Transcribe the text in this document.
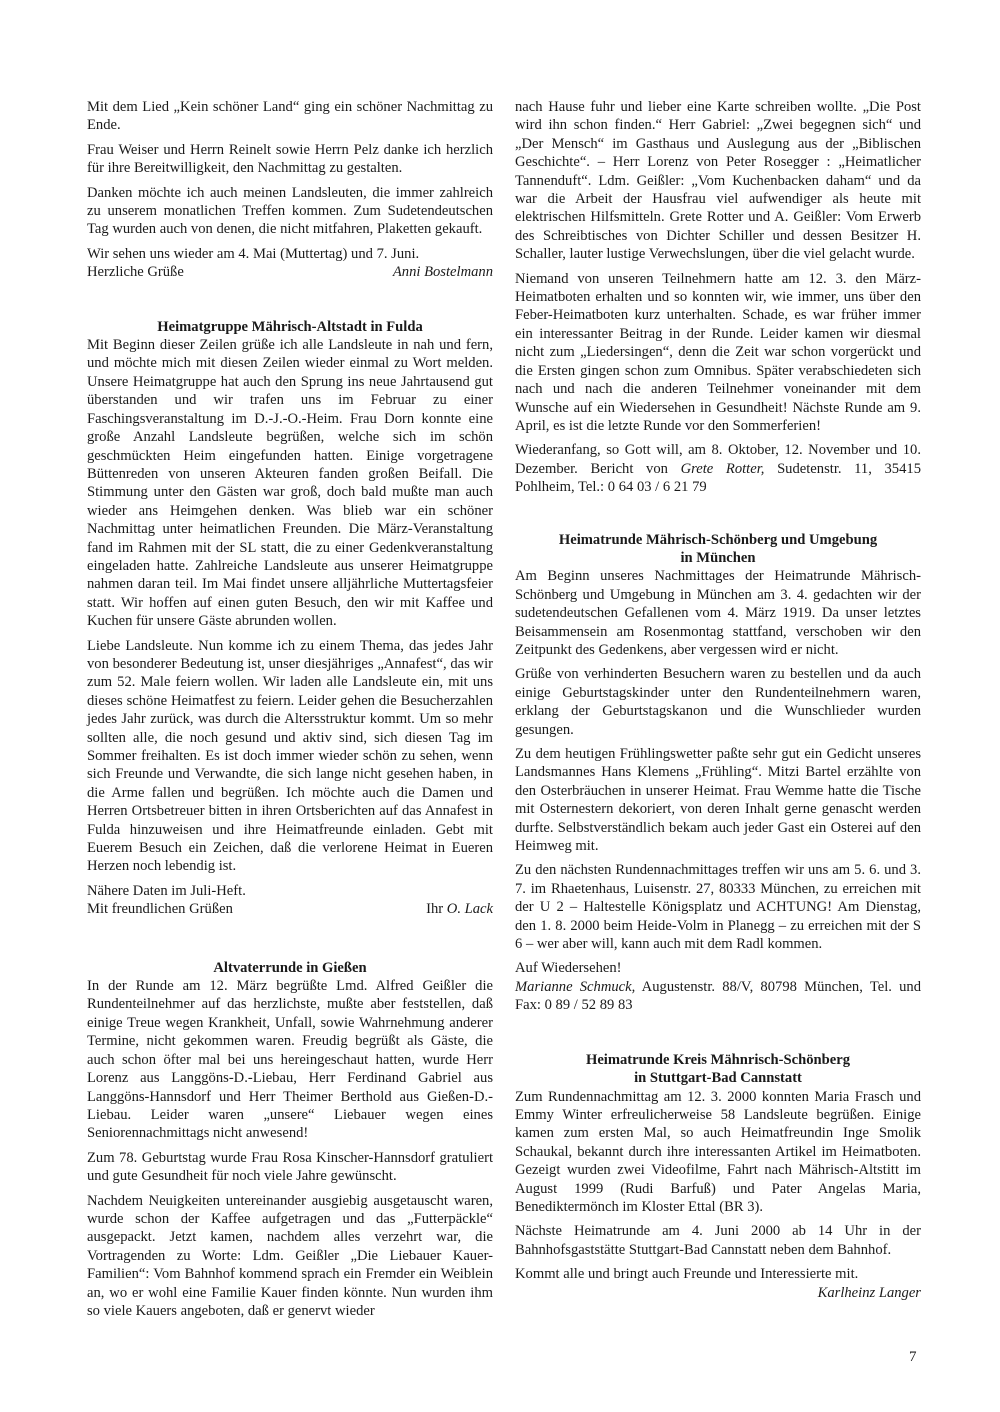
Mit dem Lied „Kein schöner Land“ ging ein schöner Nachmittag zu Ende.

Frau Weiser und Herrn Reinelt sowie Herrn Pelz danke ich herzlich für ihre Bereitwilligkeit, den Nachmittag zu gestalten.

Danken möchte ich auch meinen Landsleuten, die immer zahlreich zu unserem monatlichen Treffen kommen. Zum Sudetendeutschen Tag wurden auch von denen, die nicht mitfahren, Plaketten gekauft.

Wir sehen uns wieder am 4. Mai (Muttertag) und 7. Juni.

Herzliche Grüße	Anni Bostelmann
Heimatgruppe Mährisch-Altstadt in Fulda

Mit Beginn dieser Zeilen grüße ich alle Landsleute in nah und fern, und möchte mich mit diesen Zeilen wieder einmal zu Wort melden. Unsere Heimatgruppe hat auch den Sprung ins neue Jahrtausend gut überstanden und wir trafen uns im Februar zu einer Faschingsveranstaltung im D.-J.-O.-Heim. Frau Dorn konnte eine große Anzahl Landsleute begrüßen, welche sich im schön geschmückten Heim eingefunden hatten. Einige vorgetragene Büttenreden von unseren Akteuren fanden großen Beifall. Die Stimmung unter den Gästen war groß, doch bald mußte man auch wieder ans Heimgehen denken. Was blieb war ein schöner Nachmittag unter heimatlichen Freunden. Die März-Veranstaltung fand im Rahmen mit der SL statt, die zu einer Gedenkveranstaltung eingeladen hatte. Zahlreiche Landsleute aus unserer Heimatgruppe nahmen daran teil. Im Mai findet unsere alljährliche Muttertagsfeier statt. Wir hoffen auf einen guten Besuch, den wir mit Kaffee und Kuchen für unsere Gäste abrunden wollen.

Liebe Landsleute. Nun komme ich zu einem Thema, das jedes Jahr von besonderer Bedeutung ist, unser diesjähriges „Annafest“, das wir zum 52. Male feiern wollen. Wir laden alle Landsleute ein, mit uns dieses schöne Heimatfest zu feiern. Leider gehen die Besucherzahlen jedes Jahr zurück, was durch die Altersstruktur kommt. Um so mehr sollten alle, die noch gesund und aktiv sind, sich diesen Tag im Sommer freihalten. Es ist doch immer wieder schön zu sehen, wenn sich Freunde und Verwandte, die sich lange nicht gesehen haben, in die Arme fallen und begrüßen. Ich möchte auch die Damen und Herren Ortsbetreuer bitten in ihren Ortsberichten auf das Annafest in Fulda hinzuweisen und ihre Heimatfreunde einladen. Gebt mit Euerem Besuch ein Zeichen, daß die verlorene Heimat in Eueren Herzen noch lebendig ist.

Nähere Daten im Juli-Heft.

Mit freundlichen Grüßen	Ihr O. Lack
Altvaterrunde in Gießen

In der Runde am 12. März begrüßte Lmd. Alfred Geißler die Rundenteilnehmer auf das herzlichste, mußte aber feststellen, daß einige Treue wegen Krankheit, Unfall, sowie Wahrnehmung anderer Termine, nicht gekommen waren. Freudig begrüßt als Gäste, die auch schon öfter mal bei uns hereingeschaut hatten, wurde Herr Lorenz aus Langgöns-D.-Liebau, Herr Ferdinand Gabriel aus Langgöns-Hannsdorf und Herr Theimer Berthold aus Gießen-D.-Liebau. Leider waren „unsere“ Liebauer wegen eines Seniorennachmittags nicht anwesend!

Zum 78. Geburtstag wurde Frau Rosa Kinscher-Hannsdorf gratuliert und gute Gesundheit für noch viele Jahre gewünscht.

Nachdem Neuigkeiten untereinander ausgiebig ausgetauscht waren, wurde schon der Kaffee aufgetragen und das „Futterpäckle“ ausgepackt. Jetzt kamen, nachdem alles verzehrt war, die Vortragenden zu Worte: Ldm. Geißler „Die Liebauer Kauer-Familien“: Vom Bahnhof kommend sprach ein Fremder ein Weiblein an, wo er wohl eine Familie Kauer finden könnte. Nun wurden ihm so viele Kauers angeboten, daß er genervt wieder

nach Hause fuhr und lieber eine Karte schreiben wollte. „Die Post wird ihn schon finden.“ Herr Gabriel: „Zwei begegnen sich“ und „Der Mensch“ im Gasthaus und Auslegung aus der „Biblischen Geschichte“. – Herr Lorenz von Peter Rosegger : „Heimatlicher Tannenduft“. Ldm. Geißler: „Vom Kuchenbacken daham“ und da war die Arbeit der Hausfrau viel aufwendiger als heute mit elektrischen Hilfsmitteln. Grete Rotter und A. Geißler: Vom Erwerb des Schreibtisches von Dichter Schiller und dessen Besitzer H. Schaller, lauter lustige Verwechslungen, über die viel gelacht wurde.

Niemand von unseren Teilnehmern hatte am 12. 3. den März-Heimatboten erhalten und so konnten wir, wie immer, uns über den Feber-Heimatboten kurz unterhalten. Schade, es war früher immer ein interessanter Beitrag in der Runde. Leider kamen wir diesmal nicht zum „Liedersingen“, denn die Zeit war schon vorgerückt und die Ersten gingen schon zum Omnibus. Später verabschiedeten sich nach und nach die anderen Teilnehmer voneinander mit dem Wunsche auf ein Wiedersehen in Gesundheit! Nächste Runde am 9. April, es ist die letzte Runde vor den Sommerferien!

Wiederanfang, so Gott will, am 8. Oktober, 12. November und 10. Dezember. Bericht von Grete Rotter, Sudetenstr. 11, 35415 Pohlheim, Tel.: 0 64 03 / 6 21 79

Heimatrunde Mährisch-Schönberg und Umgebung
in München

Am Beginn unseres Nachmittages der Heimatrunde Mährisch-Schönberg und Umgebung in München am 3. 4. gedachten wir der sudetendeutschen Gefallenen vom 4. März 1919. Da unser letztes Beisammensein am Rosenmontag stattfand, verschoben wir den Zeitpunkt des Gedenkens, aber vergessen wird er nicht.

Grüße von verhinderten Besuchern waren zu bestellen und da auch einige Geburtstagskinder unter den Rundenteilnehmern waren, erklang der Geburtstagskanon und die Wunschlieder wurden gesungen.

Zu dem heutigen Frühlingswetter paßte sehr gut ein Gedicht unseres Landsmannes Hans Klemens „Frühling“. Mitzi Bartel erzählte von den Osterbräuchen in unserer Heimat. Frau Wemme hatte die Tische mit Osternestern dekoriert, von deren Inhalt gerne genascht werden durfte. Selbstverständlich bekam auch jeder Gast ein Osterei auf den Heimweg mit.

Zu den nächsten Rundennachmittages treffen wir uns am 5. 6. und 3. 7. im Rhaetenhaus, Luisenstr. 27, 80333 München, zu erreichen mit der U 2 – Haltestelle Königsplatz und ACHTUNG! Am Dienstag, den 1. 8. 2000 beim Heide-Volm in Planegg – zu erreichen mit der S 6 – wer aber will, kann auch mit dem Radl kommen.

Auf Wiedersehen!

Marianne Schmuck, Augustenstr. 88/V, 80798 München, Tel. und Fax: 0 89 / 52 89 83

Heimatrunde Kreis Mähnrisch-Schönberg
in Stuttgart-Bad Cannstatt

Zum Rundennachmittag am 12. 3. 2000 konnten Maria Frasch und Emmy Winter erfreulicherweise 58 Landsleute begrüßen. Einige kamen zum ersten Mal, so auch Heimatfreundin Inge Smolik Schaukal, bekannt durch ihre interessanten Artikel im Heimatboten. Gezeigt wurden zwei Videofilme, Fahrt nach Mährisch-Altstitt im August 1999 (Rudi Barfuß) und Pater Angelas Maria, Benediktermönch im Kloster Ettal (BR 3).

Nächste Heimatrunde am 4. Juni 2000 ab 14 Uhr in der Bahnhofsgaststätte Stuttgart-Bad Cannstatt neben dem Bahnhof.

Kommt alle und bringt auch Freunde und Interessierte mit.

Karlheinz Langer

7
